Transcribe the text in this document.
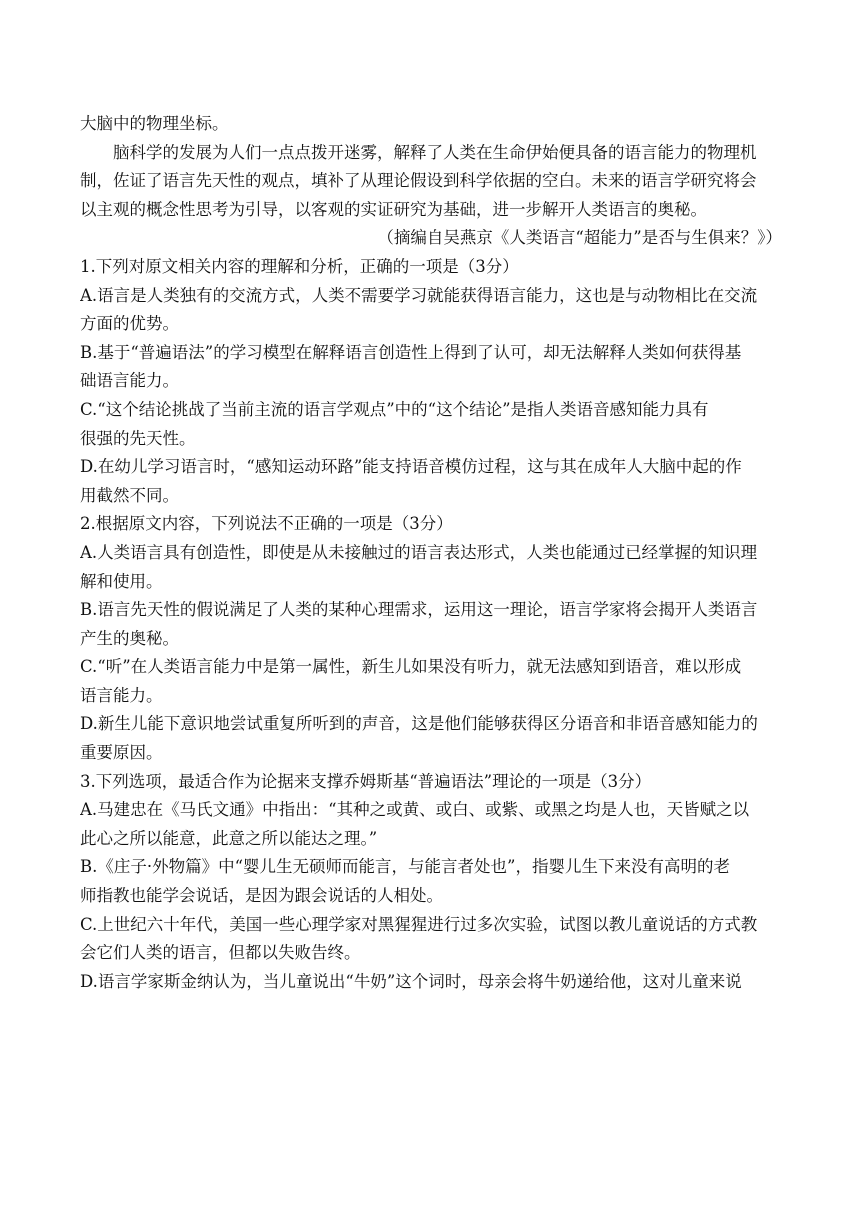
大脑中的物理坐标。
脑科学的发展为人们一点点拨开迷雾，解释了人类在生命伊始便具备的语言能力的物理机
制，佐证了语言先天性的观点，填补了从理论假设到科学依据的空白。未来的语言学研究将会
以主观的概念性思考为引导，以客观的实证研究为基础，进一步解开人类语言的奥秘。
（摘编自吴燕京《人类语言“超能力”是否与生俱来？》）
1.下列对原文相关内容的理解和分析，正确的一项是（3分）
A.语言是人类独有的交流方式，人类不需要学习就能获得语言能力，这也是与动物相比在交流
方面的优势。
B.基于“普遍语法”的学习模型在解释语言创造性上得到了认可，却无法解释人类如何获得基
础语言能力。
C.“这个结论挑战了当前主流的语言学观点”中的“这个结论”是指人类语音感知能力具有
很强的先天性。
D.在幼儿学习语言时，“感知运动环路”能支持语音模仿过程，这与其在成年人大脑中起的作
用截然不同。
2.根据原文内容，下列说法不正确的一项是（3分）
A.人类语言具有创造性，即使是从未接触过的语言表达形式，人类也能通过已经掌握的知识理
解和使用。
B.语言先天性的假说满足了人类的某种心理需求，运用这一理论，语言学家将会揭开人类语言
产生的奥秘。
C.“听”在人类语言能力中是第一属性，新生儿如果没有听力，就无法感知到语音，难以形成
语言能力。
D.新生儿能下意识地尝试重复所听到的声音，这是他们能够获得区分语音和非语音感知能力的
重要原因。
3.下列选项，最适合作为论据来支撑乔姆斯基“普遍语法”理论的一项是（3分）
A.马建忠在《马氏文通》中指出：“其种之或黄、或白、或紫、或黑之均是人也，天皆赋之以
此心之所以能意，此意之所以能达之理。”
B.《庄子·外物篇》中“婴儿生无硕师而能言，与能言者处也”，指婴儿生下来没有高明的老
师指教也能学会说话，是因为跟会说话的人相处。
C.上世纪六十年代，美国一些心理学家对黑猩猩进行过多次实验，试图以教儿童说话的方式教
会它们人类的语言，但都以失败告终。
D.语言学家斯金纳认为，当儿童说出“牛奶”这个词时，母亲会将牛奶递给他，这对儿童来说
